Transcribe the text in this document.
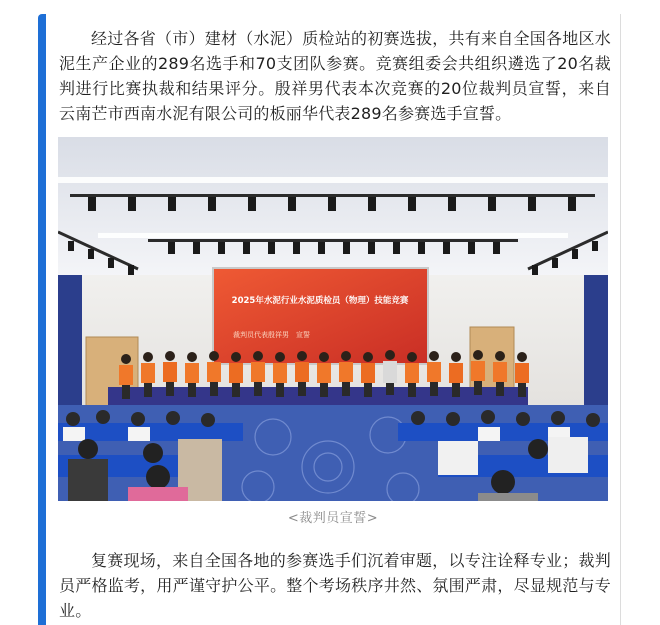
经过各省（市）建材（水泥）质检站的初赛选拔，共有来自全国各地区水泥生产企业的289名选手和70支团队参赛。竞赛组委会共组织遴选了20名裁判进行比赛执裁和结果评分。殷祥男代表本次竞赛的20位裁判员宣誓，来自云南芒市西南水泥有限公司的板丽华代表289名参赛选手宣誓。

2025年水泥行业水泥质检员（物理）技能竞赛
裁判员代表殷祥男　宣誓
<裁判员宣誓>

复赛现场，来自全国各地的参赛选手们沉着审题，以专注诠释专业；裁判员严格监考，用严谨守护公平。整个考场秩序井然、氛围严肃，尽显规范与专业。
